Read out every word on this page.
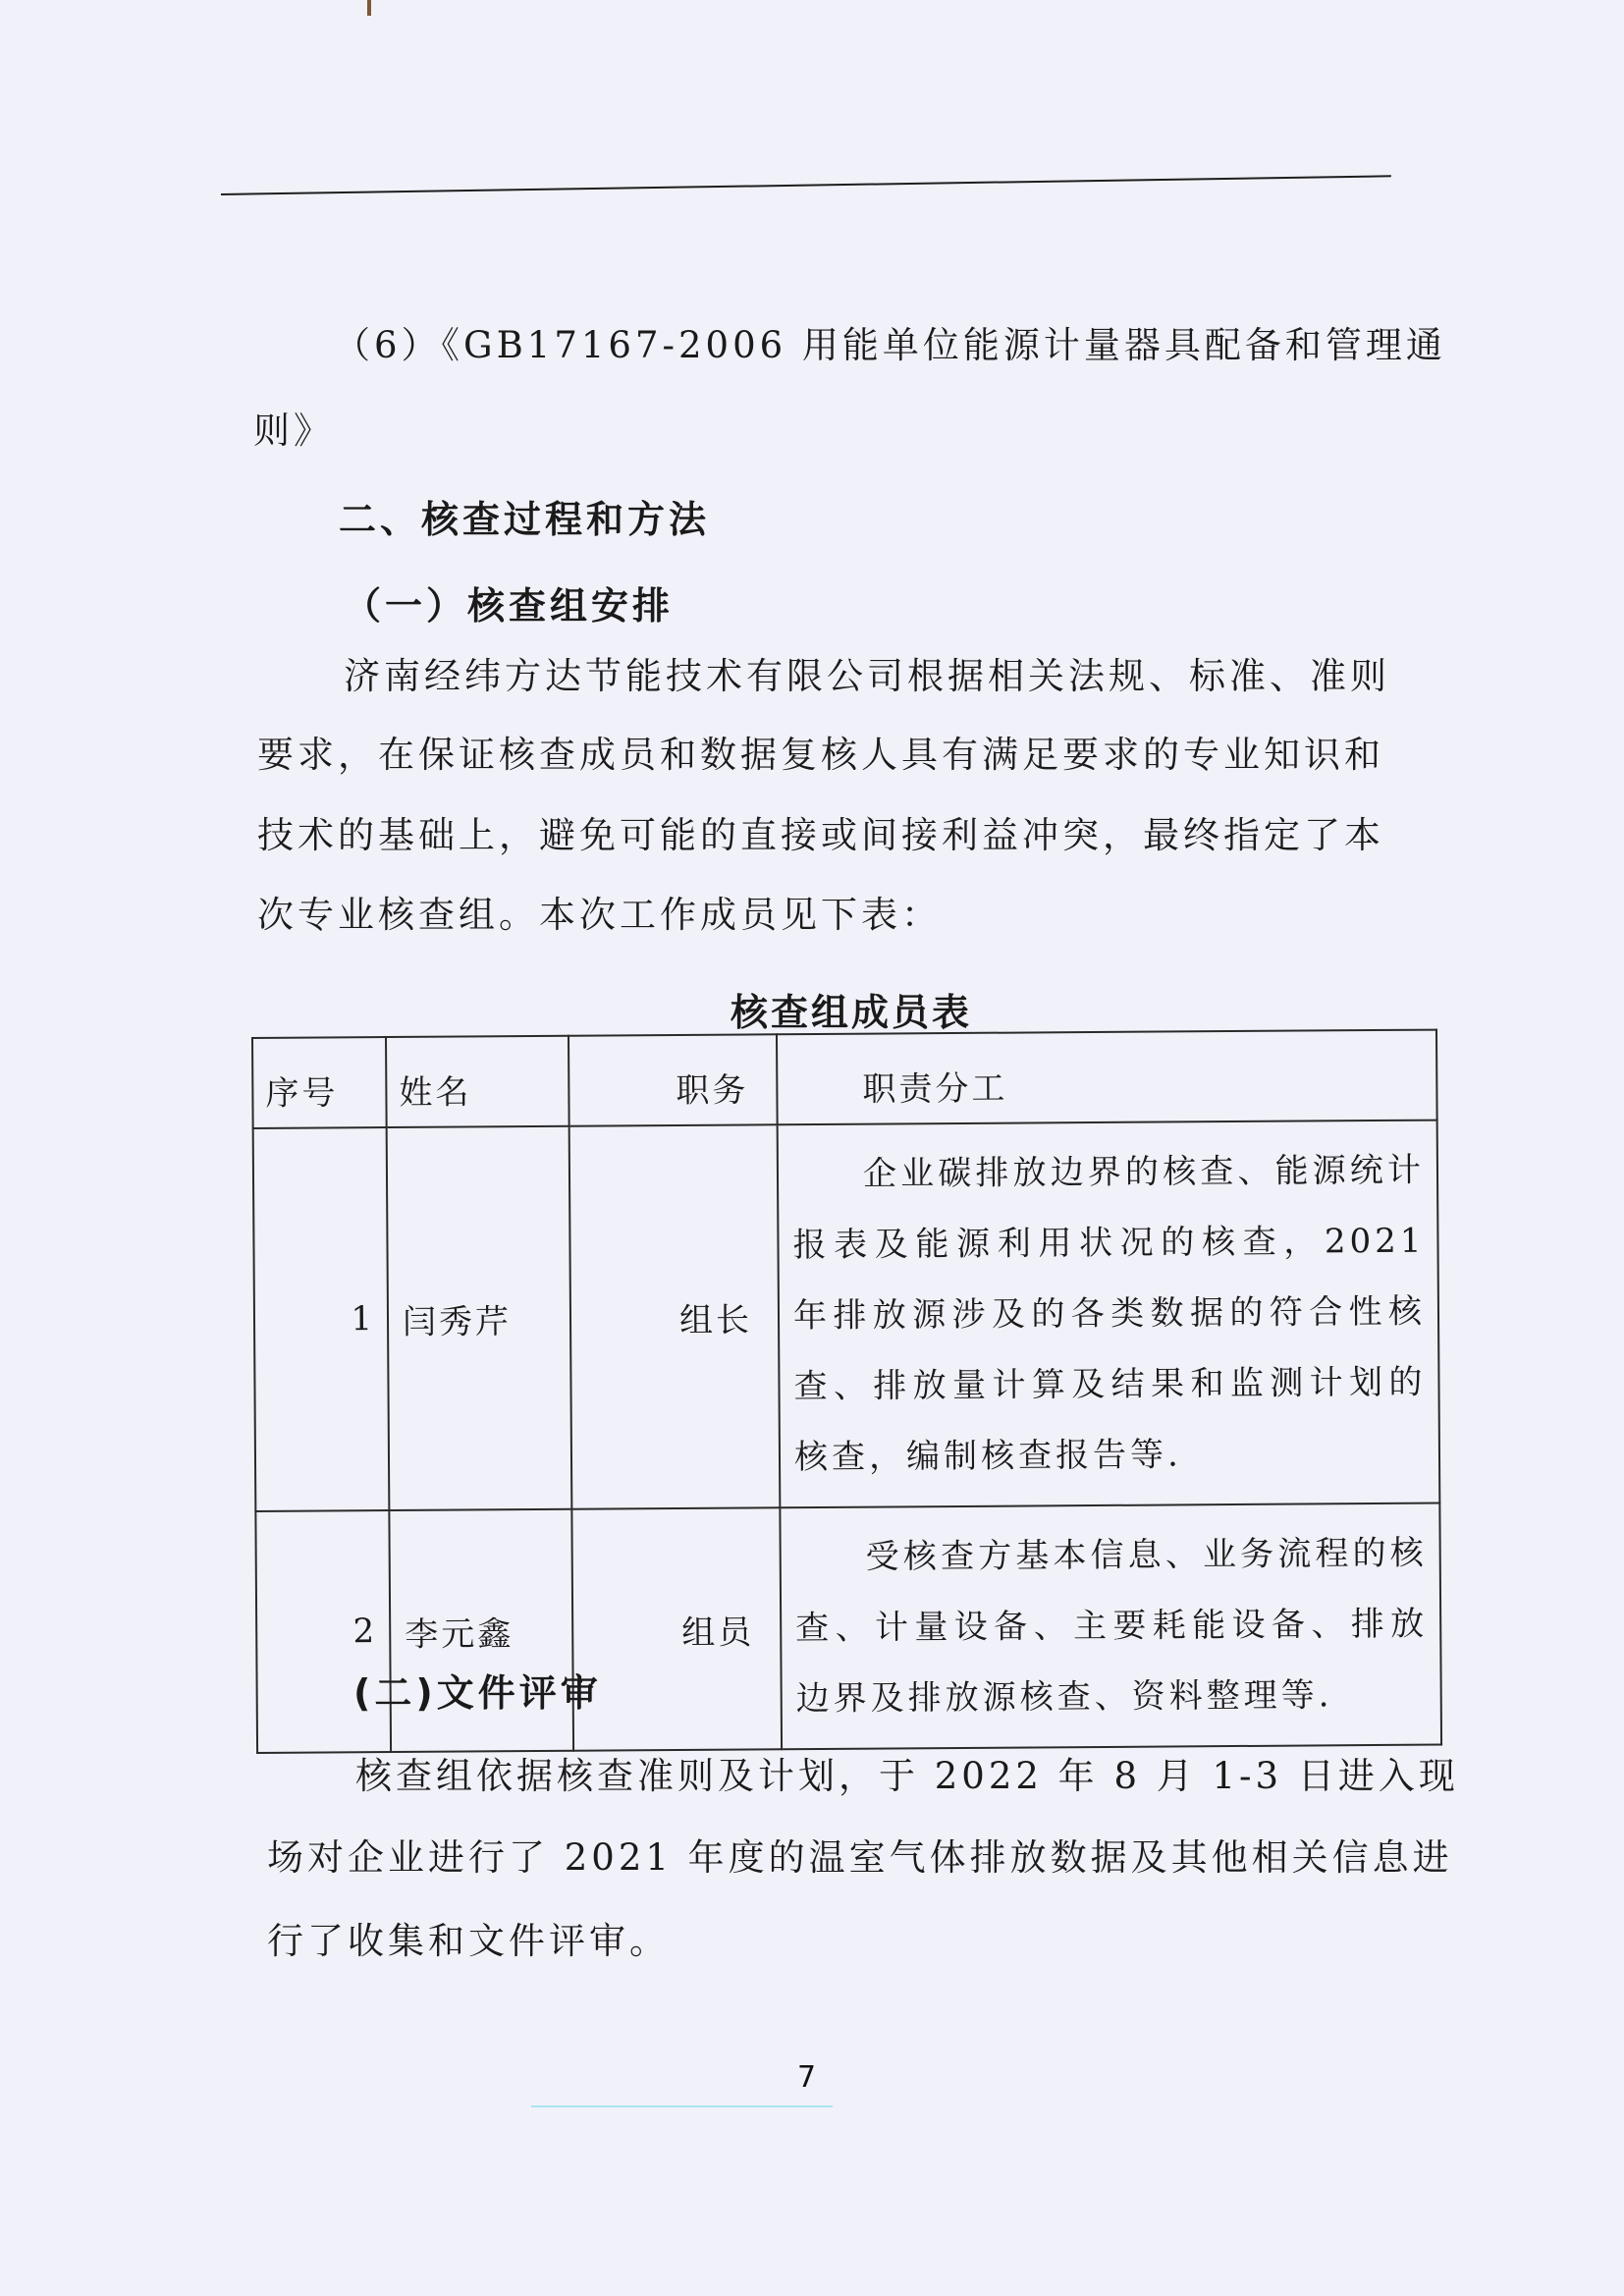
（6）《GB17167-2006 用能单位能源计量器具配备和管理通
则》
二、核查过程和方法
（一）核查组安排
济南经纬方达节能技术有限公司根据相关法规、标准、准则
要求，在保证核查成员和数据复核人具有满足要求的专业知识和
技术的基础上，避免可能的直接或间接利益冲突，最终指定了本
次专业核查组。本次工作成员见下表：
核查组成员表
序号	姓名	职务	职责分工
1	闫秀芹	组长	企业碳排放边界的核查、能源统计报表及能源利用状况的核查，2021 年排放源涉及的各类数据的符合性核查、排放量计算及结果和监测计划的核查，编制核查报告等.
2	李元鑫	组员	受核查方基本信息、业务流程的核查、计量设备、主要耗能设备、排放边界及排放源核查、资料整理等.
(二)文件评审
核查组依据核查准则及计划，于 2022 年 8 月 1-3 日进入现
场对企业进行了 2021 年度的温室气体排放数据及其他相关信息进
行了收集和文件评审。
7
